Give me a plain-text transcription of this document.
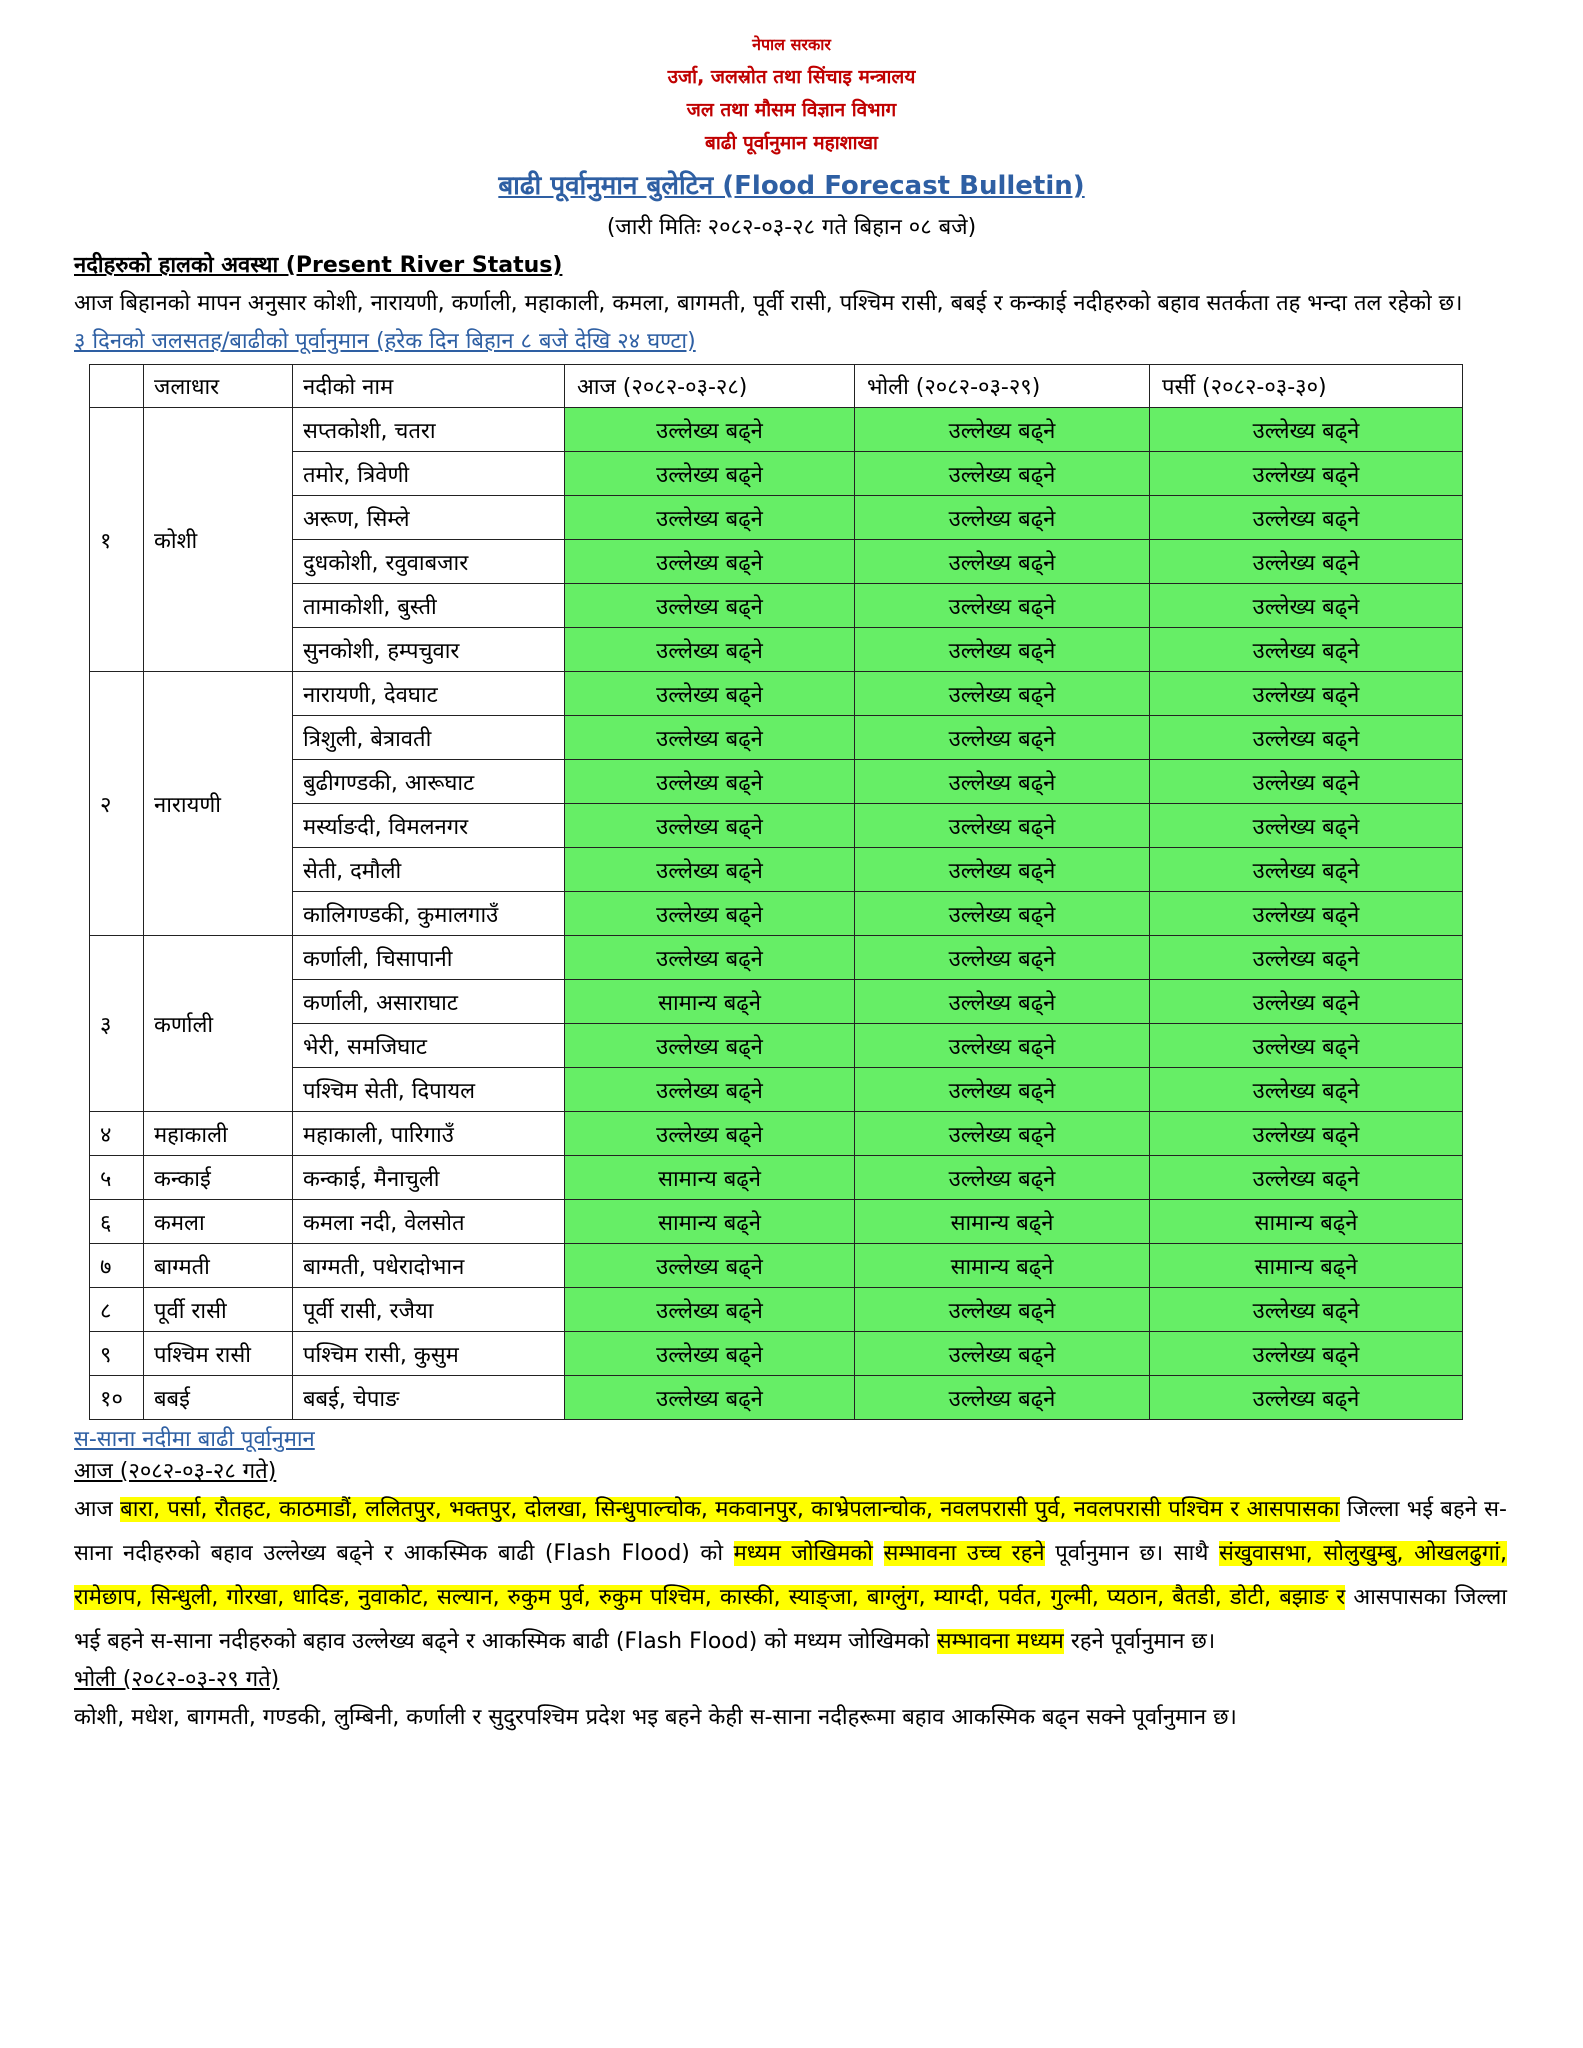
नेपाल सरकार
उर्जा, जलस्रोत तथा सिंचाइ मन्त्रालय
जल तथा मौसम विज्ञान विभाग
बाढी पूर्वानुमान महाशाखा
बाढी पूर्वानुमान बुलेटिन (Flood Forecast Bulletin)
(जारी मितिः २०८२-०३-२८ गते बिहान ०८ बजे)
नदीहरुको हालको अवस्था (Present River Status)
आज बिहानको मापन अनुसार कोशी, नारायणी, कर्णाली, महाकाली, कमला, बागमती, पूर्वी रासी, पश्चिम रासी, बबई र कन्काई नदीहरुको बहाव सतर्कता तह भन्दा तल रहेको छ।
३ दिनको जलसतह/बाढीको पूर्वानुमान (हरेक दिन बिहान ८ बजे देखि २४ घण्टा)
	जलाधार	नदीको नाम	आज (२०८२-०३-२८)	भोली (२०८२-०३-२९)	पर्सी (२०८२-०३-३०)
१	कोशी	सप्तकोशी, चतरा	उल्लेख्य बढ्ने	उल्लेख्य बढ्ने	उल्लेख्य बढ्ने
		तमोर, त्रिवेणी	उल्लेख्य बढ्ने	उल्लेख्य बढ्ने	उल्लेख्य बढ्ने
		अरूण, सिम्ले	उल्लेख्य बढ्ने	उल्लेख्य बढ्ने	उल्लेख्य बढ्ने
		दुधकोशी, रवुवाबजार	उल्लेख्य बढ्ने	उल्लेख्य बढ्ने	उल्लेख्य बढ्ने
		तामाकोशी, बुस्ती	उल्लेख्य बढ्ने	उल्लेख्य बढ्ने	उल्लेख्य बढ्ने
		सुनकोशी, हम्पचुवार	उल्लेख्य बढ्ने	उल्लेख्य बढ्ने	उल्लेख्य बढ्ने
२	नारायणी	नारायणी, देवघाट	उल्लेख्य बढ्ने	उल्लेख्य बढ्ने	उल्लेख्य बढ्ने
		त्रिशुली, बेत्रावती	उल्लेख्य बढ्ने	उल्लेख्य बढ्ने	उल्लेख्य बढ्ने
		बुढीगण्डकी, आरूघाट	उल्लेख्य बढ्ने	उल्लेख्य बढ्ने	उल्लेख्य बढ्ने
		मर्स्याङदी, विमलनगर	उल्लेख्य बढ्ने	उल्लेख्य बढ्ने	उल्लेख्य बढ्ने
		सेती, दमौली	उल्लेख्य बढ्ने	उल्लेख्य बढ्ने	उल्लेख्य बढ्ने
		कालिगण्डकी, कुमालगाउँ	उल्लेख्य बढ्ने	उल्लेख्य बढ्ने	उल्लेख्य बढ्ने
३	कर्णाली	कर्णाली, चिसापानी	उल्लेख्य बढ्ने	उल्लेख्य बढ्ने	उल्लेख्य बढ्ने
		कर्णाली, असाराघाट	सामान्य बढ्ने	उल्लेख्य बढ्ने	उल्लेख्य बढ्ने
		भेरी, समजिघाट	उल्लेख्य बढ्ने	उल्लेख्य बढ्ने	उल्लेख्य बढ्ने
		पश्चिम सेती, दिपायल	उल्लेख्य बढ्ने	उल्लेख्य बढ्ने	उल्लेख्य बढ्ने
४	महाकाली	महाकाली, पारिगाउँ	उल्लेख्य बढ्ने	उल्लेख्य बढ्ने	उल्लेख्य बढ्ने
५	कन्काई	कन्काई, मैनाचुली	सामान्य बढ्ने	उल्लेख्य बढ्ने	उल्लेख्य बढ्ने
६	कमला	कमला नदी, वेलसोत	सामान्य बढ्ने	सामान्य बढ्ने	सामान्य बढ्ने
७	बाग्मती	बाग्मती, पधेरादोभान	उल्लेख्य बढ्ने	सामान्य बढ्ने	सामान्य बढ्ने
८	पूर्वी रासी	पूर्वी रासी, रजैया	उल्लेख्य बढ्ने	उल्लेख्य बढ्ने	उल्लेख्य बढ्ने
९	पश्चिम रासी	पश्चिम रासी, कुसुम	उल्लेख्य बढ्ने	उल्लेख्य बढ्ने	उल्लेख्य बढ्ने
१०	बबई	बबई, चेपाङ	उल्लेख्य बढ्ने	उल्लेख्य बढ्ने	उल्लेख्य बढ्ने
स-साना नदीमा बाढी पूर्वानुमान
आज (२०८२-०३-२८ गते)
आज बारा, पर्सा, रौतहट, काठमाडौं, ललितपुर, भक्तपुर, दोलखा, सिन्धुपाल्चोक, मकवानपुर, काभ्रेपलान्चोक, नवलपरासी पुर्व, नवलपरासी पश्चिम र आसपासका जिल्ला भई बहने स-साना नदीहरुको बहाव उल्लेख्य बढ्ने र आकस्मिक बाढी (Flash Flood) को मध्यम जोखिमको सम्भावना उच्च रहने पूर्वानुमान छ। साथै संखुवासभा, सोलुखुम्बु, ओखलढुगां, रामेछाप, सिन्धुली, गोरखा, धादिङ, नुवाकोट, सल्यान, रुकुम पुर्व, रुकुम पश्चिम, कास्की, स्याङ्जा, बाग्लुंग, म्याग्दी, पर्वत, गुल्मी, प्यठान, बैतडी, डोटी, बझाङ र आसपासका जिल्ला भई बहने स-साना नदीहरुको बहाव उल्लेख्य बढ्ने र आकस्मिक बाढी (Flash Flood) को मध्यम जोखिमको सम्भावना मध्यम रहने पूर्वानुमान छ।
भोली (२०८२-०३-२९ गते)
कोशी, मधेश, बागमती, गण्डकी, लुम्बिनी, कर्णाली र सुदुरपश्चिम प्रदेश भइ बहने केही स-साना नदीहरूमा बहाव आकस्मिक बढ्न सक्ने पूर्वानुमान छ।
